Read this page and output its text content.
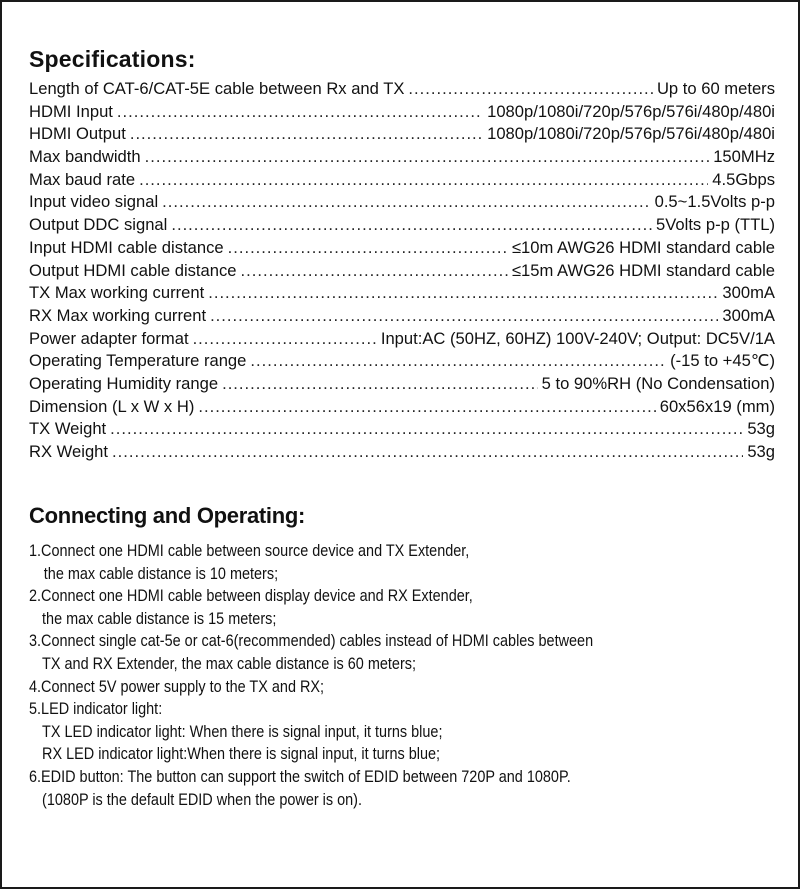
Specifications:
Length of CAT-6/CAT-5E cable between Rx and TX .....	Up to 60 meters
HDMI Input .....	1080p/1080i/720p/576p/576i/480p/480i
HDMI Output .....	1080p/1080i/720p/576p/576i/480p/480i
Max bandwidth .....	150MHz
Max baud rate .....	4.5Gbps
Input video signal .....	0.5~1.5Volts p-p
Output DDC signal .....	5Volts p-p (TTL)
Input HDMI cable distance .....	≤10m AWG26 HDMI standard cable
Output HDMI cable distance .....	≤15m AWG26 HDMI standard cable
TX Max working current .....	300mA
RX Max working current .....	300mA
Power adapter format .....	Input:AC (50HZ, 60HZ) 100V-240V; Output: DC5V/1A
Operating Temperature range .....	(-15 to +45℃)
Operating Humidity range .....	5 to 90%RH (No Condensation)
Dimension (L x W x H) .....	60x56x19 (mm)
TX Weight .....	53g
RX Weight .....	53g
Connecting and Operating:
1.Connect one HDMI cable between source device and TX Extender,
the max cable distance is 10 meters;
2.Connect one HDMI cable between display device and RX Extender,
the max cable distance is 15 meters;
3.Connect single cat-5e or cat-6(recommended) cables instead of HDMI cables between
TX and RX Extender, the max cable distance is 60 meters;
4.Connect 5V power supply to the TX and RX;
5.LED indicator light:
TX LED indicator light: When there is signal input, it turns blue;
RX LED indicator light:When there is signal input, it turns blue;
6.EDID button: The button can support the switch of EDID between 720P and 1080P.
(1080P is the default EDID when the power is on).
